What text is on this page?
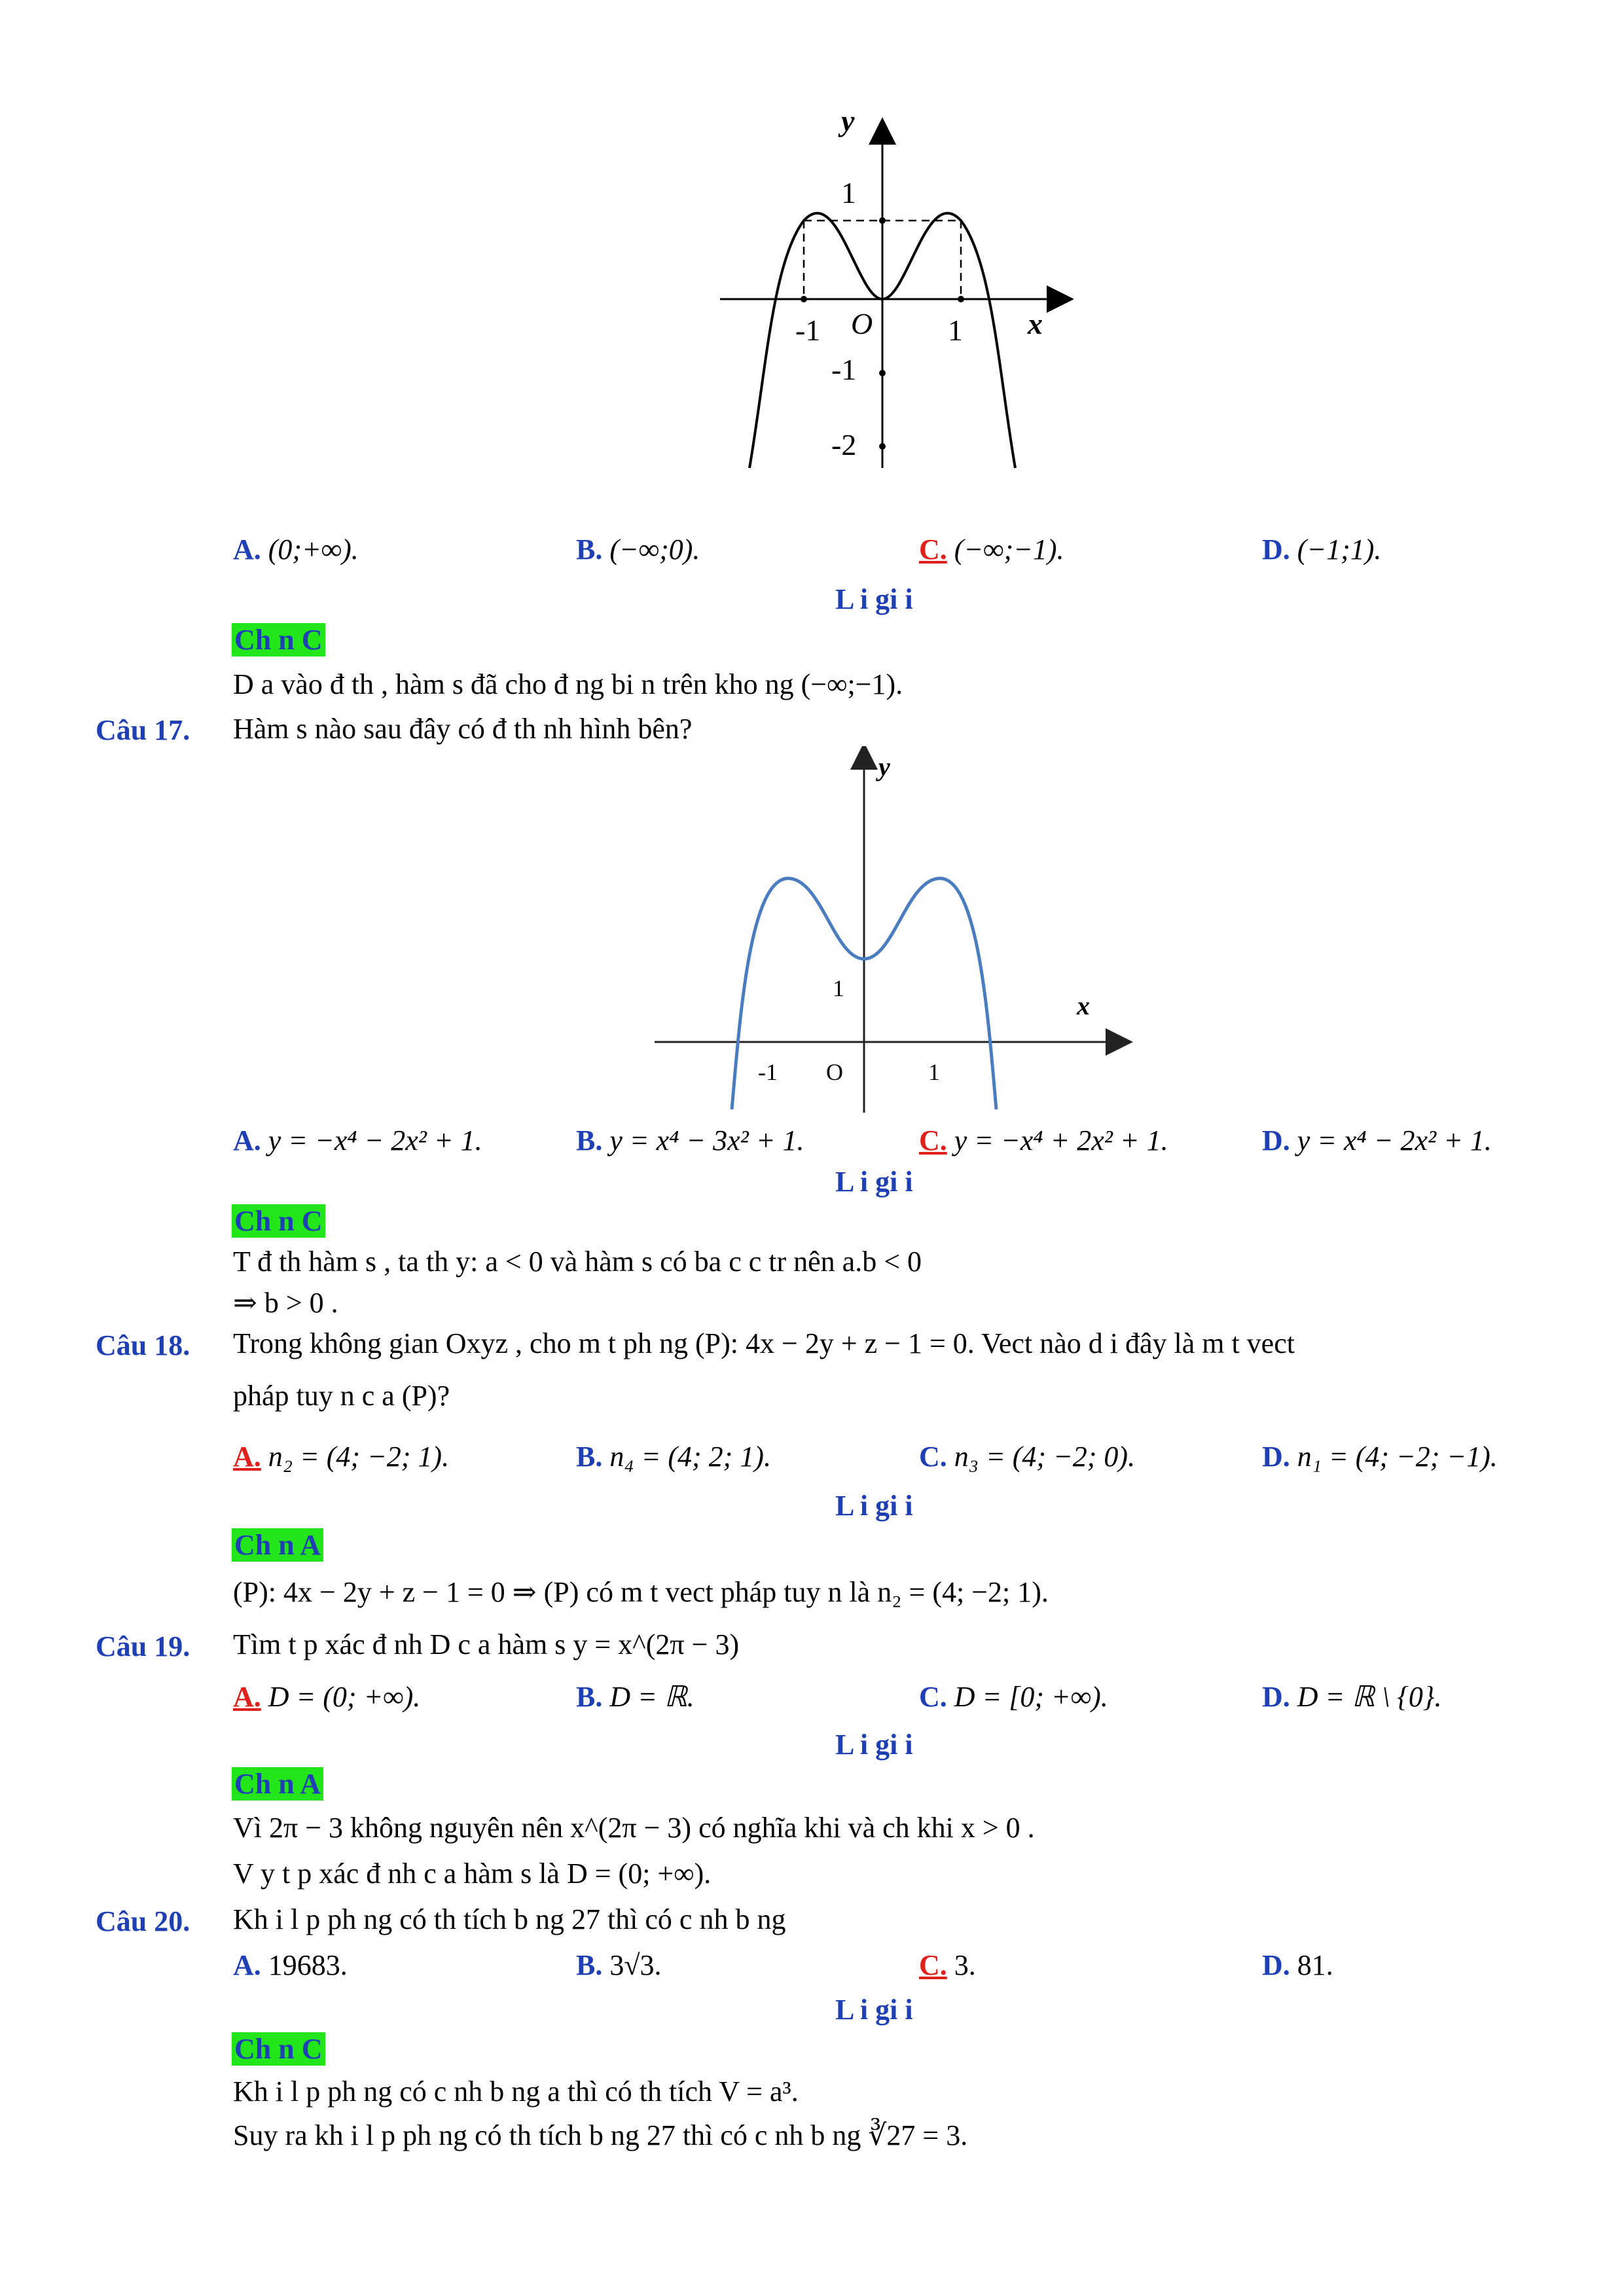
y
x
O
1
-1
-2
-1	1
A. (0;+∞).	B. (−∞;0).	C. (−∞;−1).	D. (−1;1).
L i gi i
Ch n C
D a vào đ th , hàm s đã cho đ ng bi n trên kho ng (−∞;−1).
Câu 17. Hàm s nào sau đây có đ th nh hình bên?
y
x
1
O
-1	1
A. y = −x⁴ − 2x² + 1.	B. y = x⁴ − 3x² + 1.	C. y = −x⁴ + 2x² + 1.	D. y = x⁴ − 2x² + 1.
L i gi i
Ch n C
T đ th hàm s , ta th y: a < 0 và hàm s có ba c c tr nên a.b < 0
⇒ b > 0 .
Câu 18. Trong không gian Oxyz , cho m t ph ng (P): 4x − 2y + z − 1 = 0. Vect nào d i đây là m t vect
pháp tuy n c a (P)?
A. n₂ = (4; −2; 1).	B. n₄ = (4; 2; 1).	C. n₃ = (4; −2; 0).	D. n₁ = (4; −2; −1).
L i gi i
Ch n A
(P): 4x − 2y + z − 1 = 0 ⇒ (P) có m t vect pháp tuy n là n₂ = (4; −2; 1).
Câu 19. Tìm t p xác đ nh D c a hàm s y = x^(2π − 3)
A. D = (0; +∞).	B. D = ℝ.	C. D = [0; +∞).	D. D = ℝ \ {0}.
L i gi i
Ch n A
Vì 2π − 3 không nguyên nên x^(2π − 3) có nghĩa khi và ch khi x > 0 .
V y t p xác đ nh c a hàm s là D = (0; +∞).
Câu 20. Kh i l p ph ng có th tích b ng 27 thì có c nh b ng
A. 19683.	B. 3√3.	C. 3.	D. 81.
L i gi i
Ch n C
Kh i l p ph ng có c nh b ng a thì có th tích V = a³.
Suy ra kh i l p ph ng có th tích b ng 27 thì có c nh b ng ∛27 = 3.
